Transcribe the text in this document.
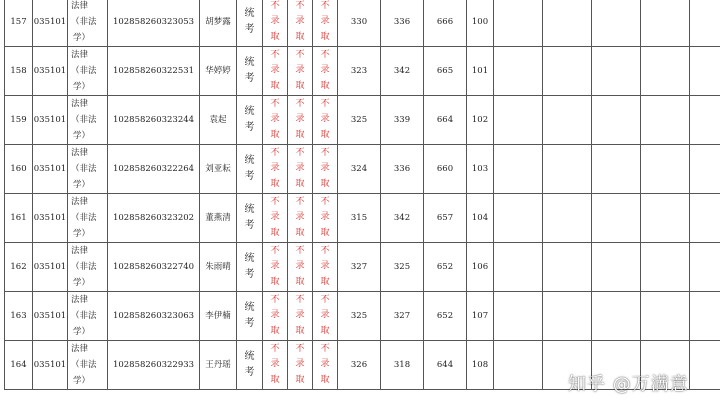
157	035101	法律
（非法
学）	102858260323053	胡梦露	统
考	不
录
取	不
录
取	不
录
取	330	336	666	100					
158	035101	法律
（非法
学）	102858260322531	华婷婷	统
考	不
录
取	不
录
取	不
录
取	323	342	665	101					
159	035101	法律
（非法
学）	102858260323244	袁起	统
考	不
录
取	不
录
取	不
录
取	325	339	664	102					
160	035101	法律
（非法
学）	102858260322264	刘亚耘	统
考	不
录
取	不
录
取	不
录
取	324	336	660	103					
161	035101	法律
（非法
学）	102858260323202	董燕清	统
考	不
录
取	不
录
取	不
录
取	315	342	657	104					
162	035101	法律
（非法
学）	102858260322740	朱雨晴	统
考	不
录
取	不
录
取	不
录
取	327	325	652	106					
163	035101	法律
（非法
学）	102858260323063	李伊楠	统
考	不
录
取	不
录
取	不
录
取	325	327	652	107					
164	035101	法律
（非法
学）	102858260322933	王丹瑶	统
考	不
录
取	不
录
取	不
录
取	326	318	644	108					
知乎 @万满意
